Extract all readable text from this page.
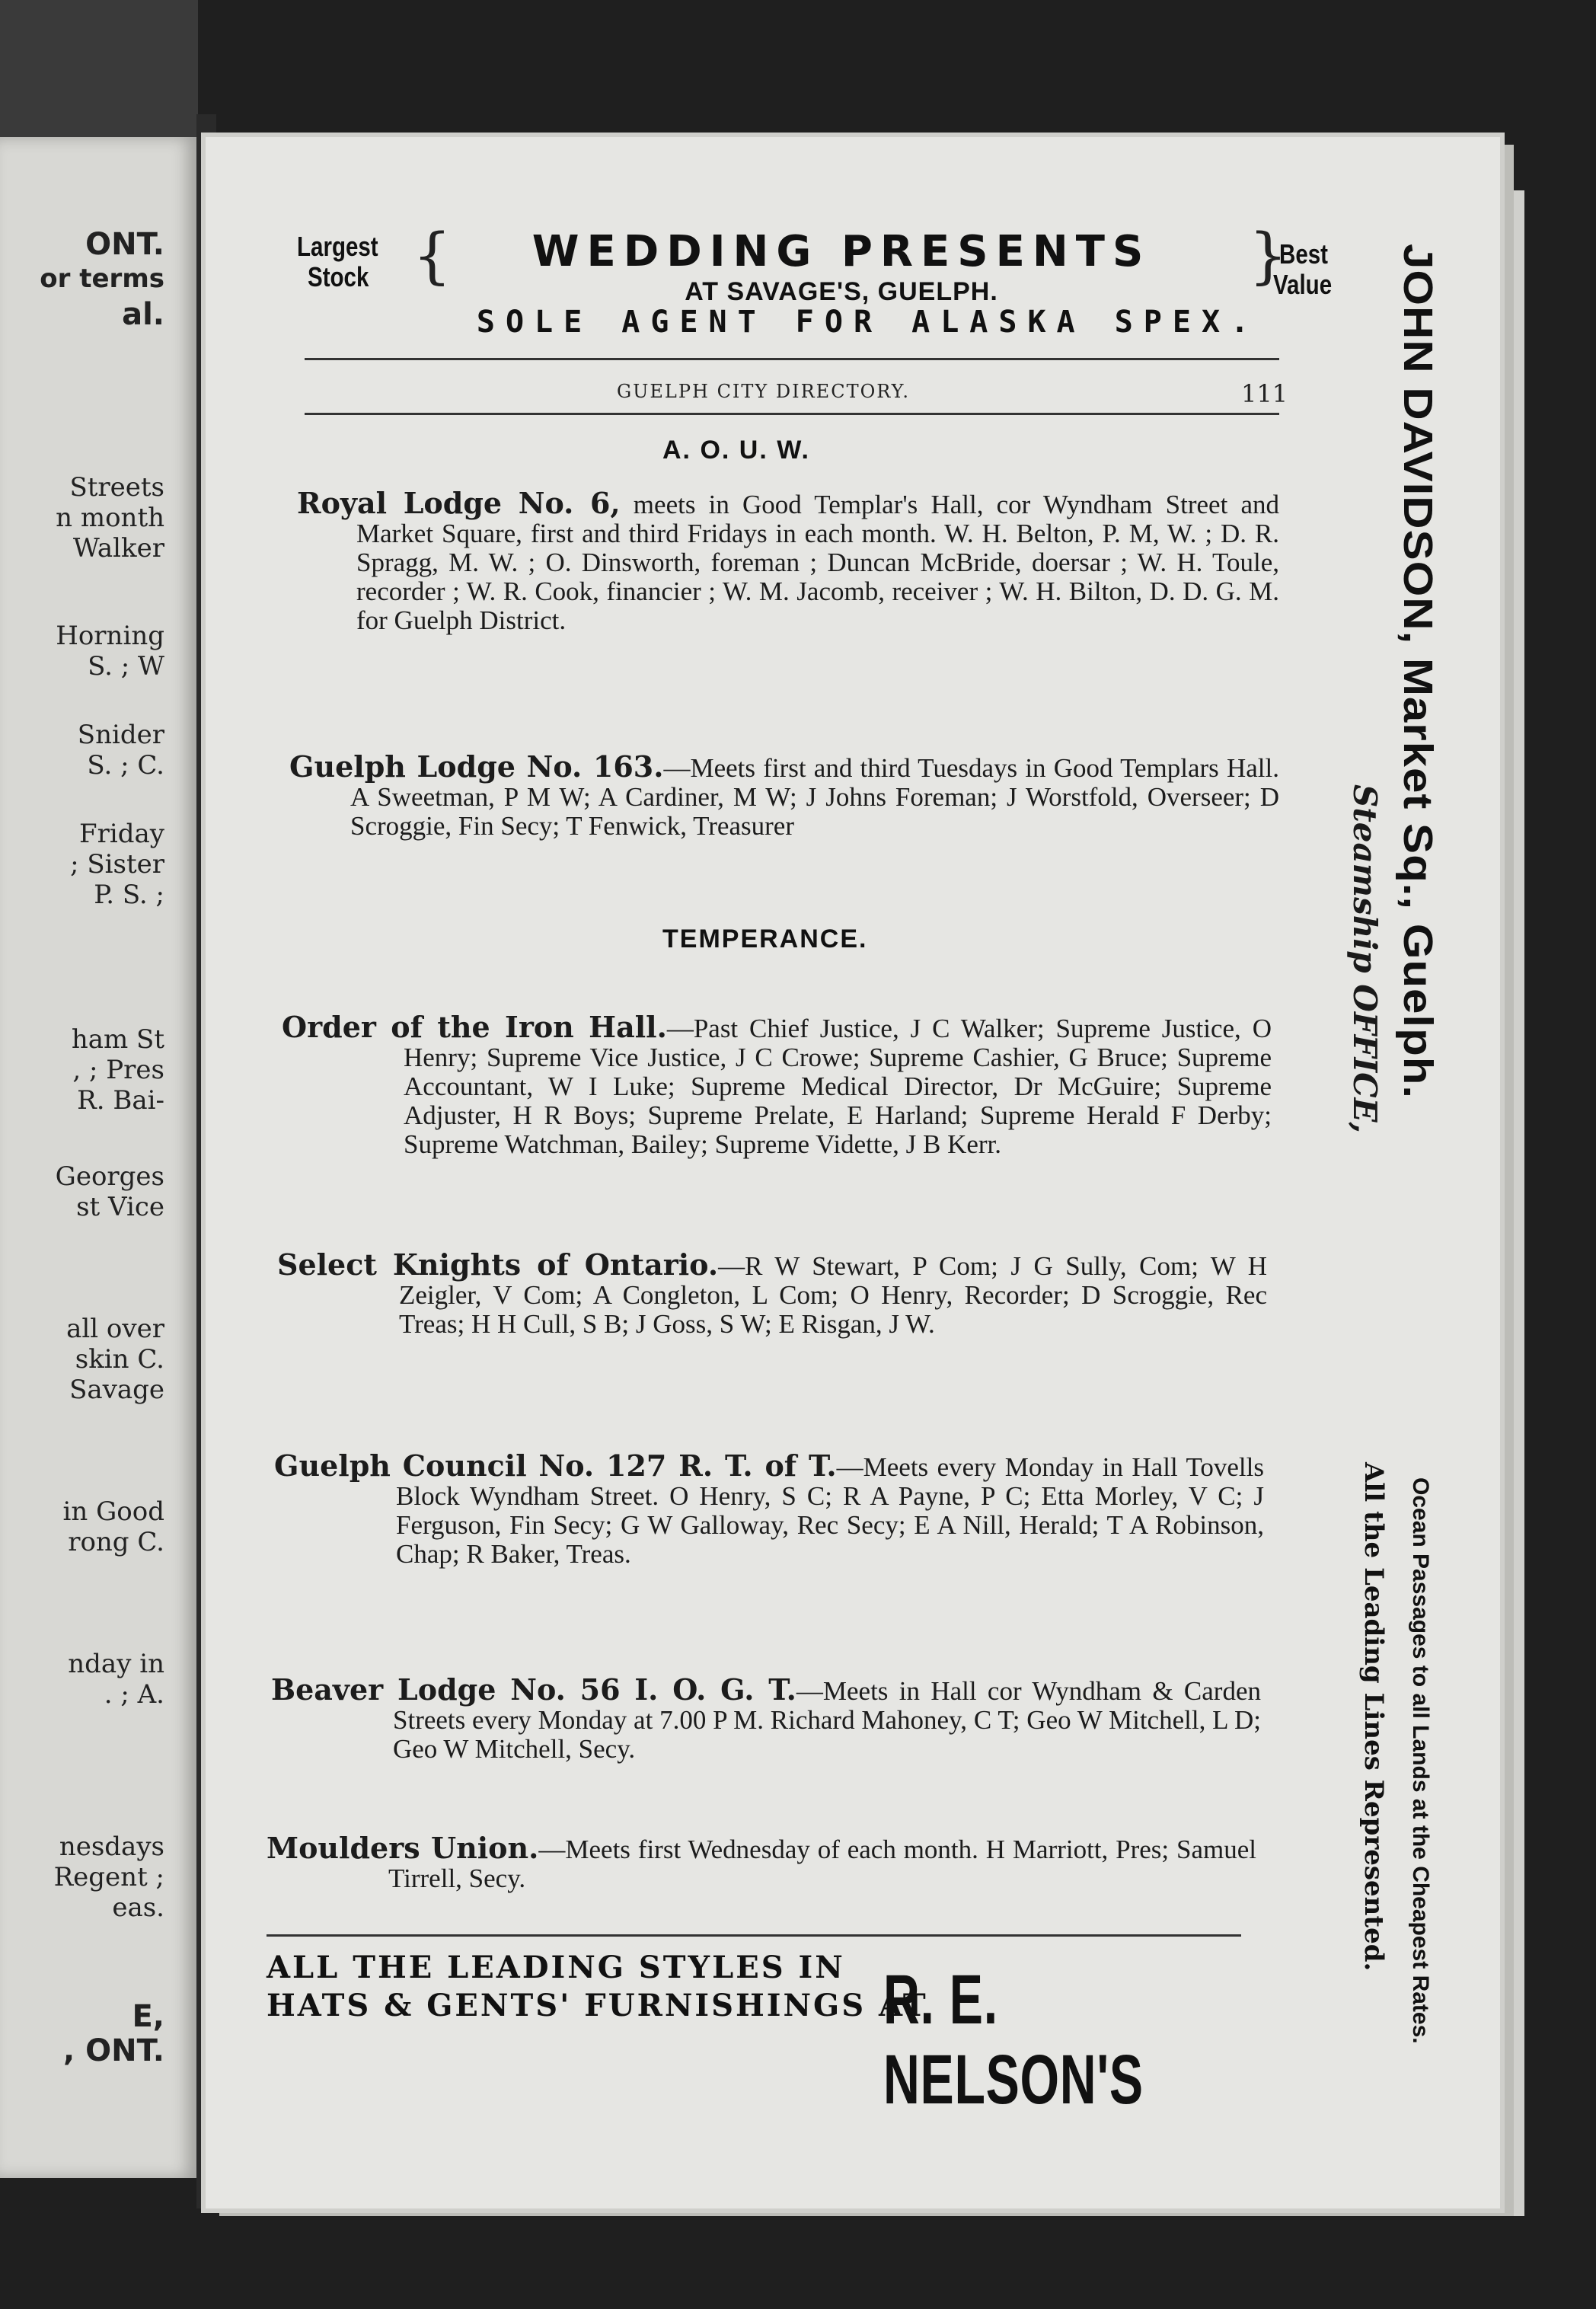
ONT.
or terms
al.
Streets
n month
Walker
Horning
S. ; W
Snider
S. ; C.
Friday
; Sister
P. S. ;
ham St
, ; Pres
R. Bai-
Georges
st Vice
all over
skin C.
Savage
in Good
rong C.
nday in
. ; A.
nesdays
Regent ;
eas.
E,
, ONT.
Largest
Stock {	WEDDING PRESENTS
AT SAVAGE'S, GUELPH.
SOLE AGENT FOR ALASKA SPEX.
}
Best
Value
GUELPH CITY DIRECTORY.	111
A. O. U. W.

Royal Lodge No. 6, meets in Good Templar's Hall, cor Wyndham Street and Market Square, first and third Fridays in each month. W. H. Belton, P. M, W. ; D. R. Spragg, M. W. ; O. Dinsworth, foreman ; Duncan McBride, doersar ; W. H. Toule, recorder ; W. R. Cook, financier ; W. M. Jacomb, receiver ; W. H. Bilton, D. D. G. M. for Guelph District.

Guelph Lodge No. 163.—Meets first and third Tuesdays in Good Templars Hall. A Sweetman, P M W; A Cardiner, M W; J Johns Foreman; J Worstfold, Overseer; D Scroggie, Fin Secy; T Fenwick, Treasurer

TEMPERANCE.

Order of the Iron Hall.—Past Chief Justice, J C Walker; Supreme Justice, O Henry; Supreme Vice Justice, J C Crowe; Supreme Cashier, G Bruce; Supreme Accountant, W I Luke; Supreme Medical Director, Dr McGuire; Supreme Adjuster, H R Boys; Supreme Prelate, E Harland; Supreme Herald F Derby; Supreme Watchman, Bailey; Supreme Vidette, J B Kerr.

Select Knights of Ontario.—R W Stewart, P Com; J G Sully, Com; W H Zeigler, V Com; A Congleton, L Com; O Henry, Recorder; D Scroggie, Rec Treas; H H Cull, S B; J Goss, S W; E Risgan, J W.

Guelph Council No. 127 R. T. of T.—Meets every Monday in Hall Tovells Block Wyndham Street. O Henry, S C; R A Payne, P C; Etta Morley, V C; J Ferguson, Fin Secy; G W Galloway, Rec Secy; E A Nill, Herald; T A Robinson, Chap; R Baker, Treas.

Beaver Lodge No. 56 I. O. G. T.—Meets in Hall cor Wyndham & Carden Streets every Monday at 7.00 P M. Richard Mahoney, C T; Geo W Mitchell, L D; Geo W Mitchell, Secy.

Moulders Union.—Meets first Wednesday of each month. H Marriott, Pres; Samuel Tirrell, Secy.

ALL THE LEADING STYLES IN
HATS & GENTS' FURNISHINGS AT
R. E. NELSON'S
JOHN DAVIDSON, Market Sq., Guelph.
Steamship OFFICE,
Ocean Passages to all Lands at the Cheapest Rates.
All the Leading Lines Represented.
